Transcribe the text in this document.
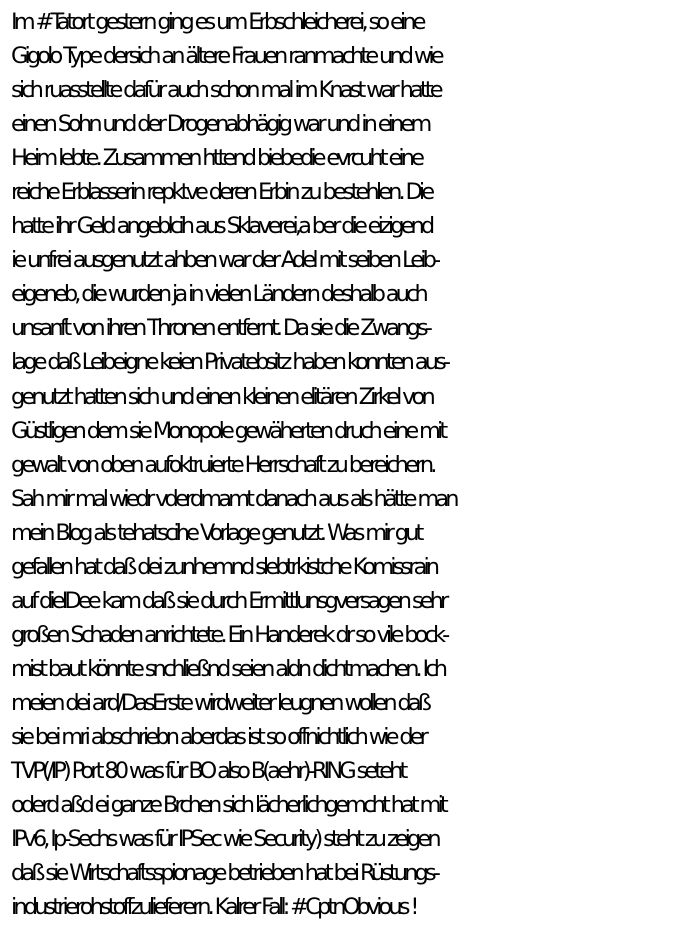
Im #Tatort gestern ging es um Erbschleicherei, so eine
Gigolo Type dersich an ältere Frauen ranmachte und wie
sich ruasstellte dafür auch schon mal im Knast war hatte
einen Sohn und der Drogenabhägig war und in einem
Heim lebte. Zusammen httend biebedie evrcuht eine
reiche Erblasserin repktve deren Erbin zu bestehlen. Die
hatte ihr Geld angeblcih aus Sklaverei,a ber die eizigend
ie unfrei ausgenutzt ahben war der Adel mit seiben Leib-
eigeneb, die wurden ja in vielen Ländern deshalb auch
unsanft von ihren Thronen entfernt. Da sie die Zwangs-
lage daß Leibeigne keien Privatebsitz haben konnten aus-
genutzt hatten sich und einen kleinen elitären Zirkel von
Güstligen dem sie Monopole gewäherten druch eine mit
gewalt von oben aufoktruierte Herrschaft zu bereichern.
Sah mir mal wiedr vderdmamt danach aus als hätte man
mein Blog als tehatscihe Vorlage genutzt. Was mir gut
gefallen hat daß dei zunhemnd slebtrkistche Komissrain
auf dieIDee kam daß sie durch Ermittlunsgversagen sehr
großen Schaden anrichtete. Ein Handerek dr so vile bock-
mist baut könnte snchließnd seien aldn dichtmachen. Ich
meien dei ard/DasErste wirdweiter leugnen wollen daß
sie bei mri abschriebn aberdas ist so offnichtlich wie der
TVP(/IP) Port 80 was für BO also B(aehr)-RING seteht
oderd aßd ei ganze Brchen sich lächerlichgemcht hat mit
IPv6, Ip-Sechs was für IPSec wie Security) steht zu zeigen
daß sie Wirtschaftsspionage betrieben hat bei Rüstungs-
industrierohstoffzulieferern. Kalrer Fall: #CptnObvious !
